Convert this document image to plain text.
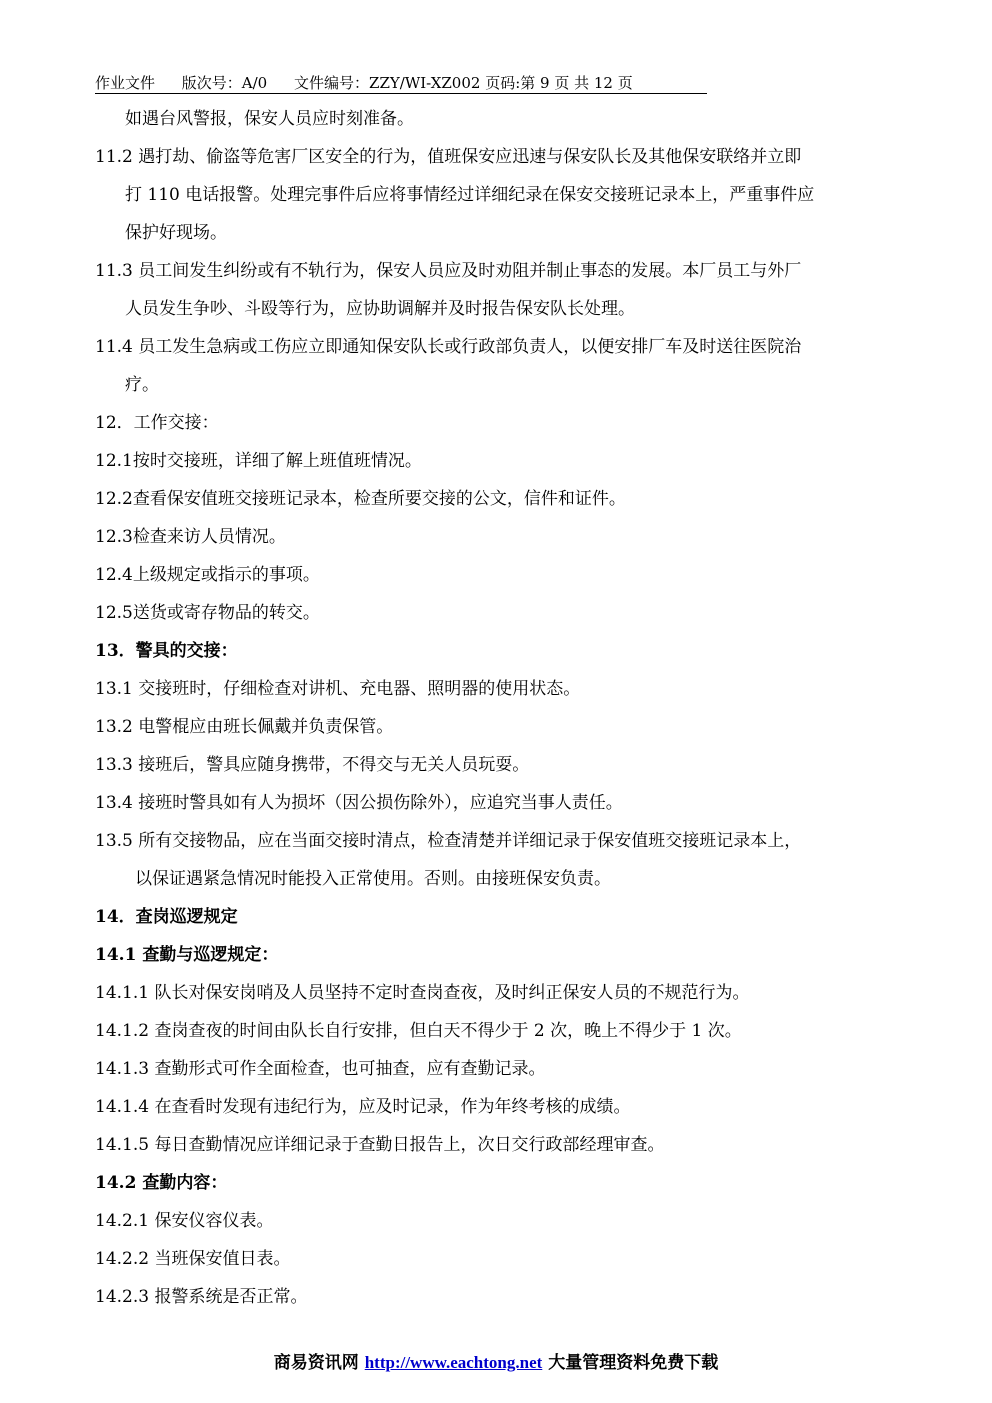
作业文件 版次号：A/0 文件编号：ZZY/WI-XZ002 页码:第 9 页 共 12 页
如遇台风警报，保安人员应时刻准备。
11.2 遇打劫、偷盗等危害厂区安全的行为，值班保安应迅速与保安队长及其他保安联络并立即
打 110 电话报警。处理完事件后应将事情经过详细纪录在保安交接班记录本上，严重事件应
保护好现场。
11.3 员工间发生纠纷或有不轨行为，保安人员应及时劝阻并制止事态的发展。本厂员工与外厂
人员发生争吵、斗殴等行为，应协助调解并及时报告保安队长处理。
11.4 员工发生急病或工伤应立即通知保安队长或行政部负责人，以便安排厂车及时送往医院治
疗。
12．工作交接：
12.1按时交接班，详细了解上班值班情况。
12.2查看保安值班交接班记录本，检查所要交接的公文，信件和证件。
12.3检查来访人员情况。
12.4上级规定或指示的事项。
12.5送货或寄存物品的转交。
13．警具的交接：
13.1 交接班时，仔细检查对讲机、充电器、照明器的使用状态。
13.2 电警棍应由班长佩戴并负责保管。
13.3 接班后，警具应随身携带，不得交与无关人员玩耍。
13.4 接班时警具如有人为损坏（因公损伤除外），应追究当事人责任。
13.5 所有交接物品，应在当面交接时清点，检查清楚并详细记录于保安值班交接班记录本上，
以保证遇紧急情况时能投入正常使用。否则。由接班保安负责。
14．查岗巡逻规定
14.1 查勤与巡逻规定：
14.1.1 队长对保安岗哨及人员坚持不定时查岗查夜，及时纠正保安人员的不规范行为。
14.1.2 查岗查夜的时间由队长自行安排，但白天不得少于 2 次，晚上不得少于 1 次。
14.1.3 查勤形式可作全面检查，也可抽查，应有查勤记录。
14.1.4 在查看时发现有违纪行为，应及时记录，作为年终考核的成绩。
14.1.5 每日查勤情况应详细记录于查勤日报告上，次日交行政部经理审查。
14.2 查勤内容：
14.2.1 保安仪容仪表。
14.2.2 当班保安值日表。
14.2.3 报警系统是否正常。
商易资讯网 http://www.eachtong.net 大量管理资料免费下载
